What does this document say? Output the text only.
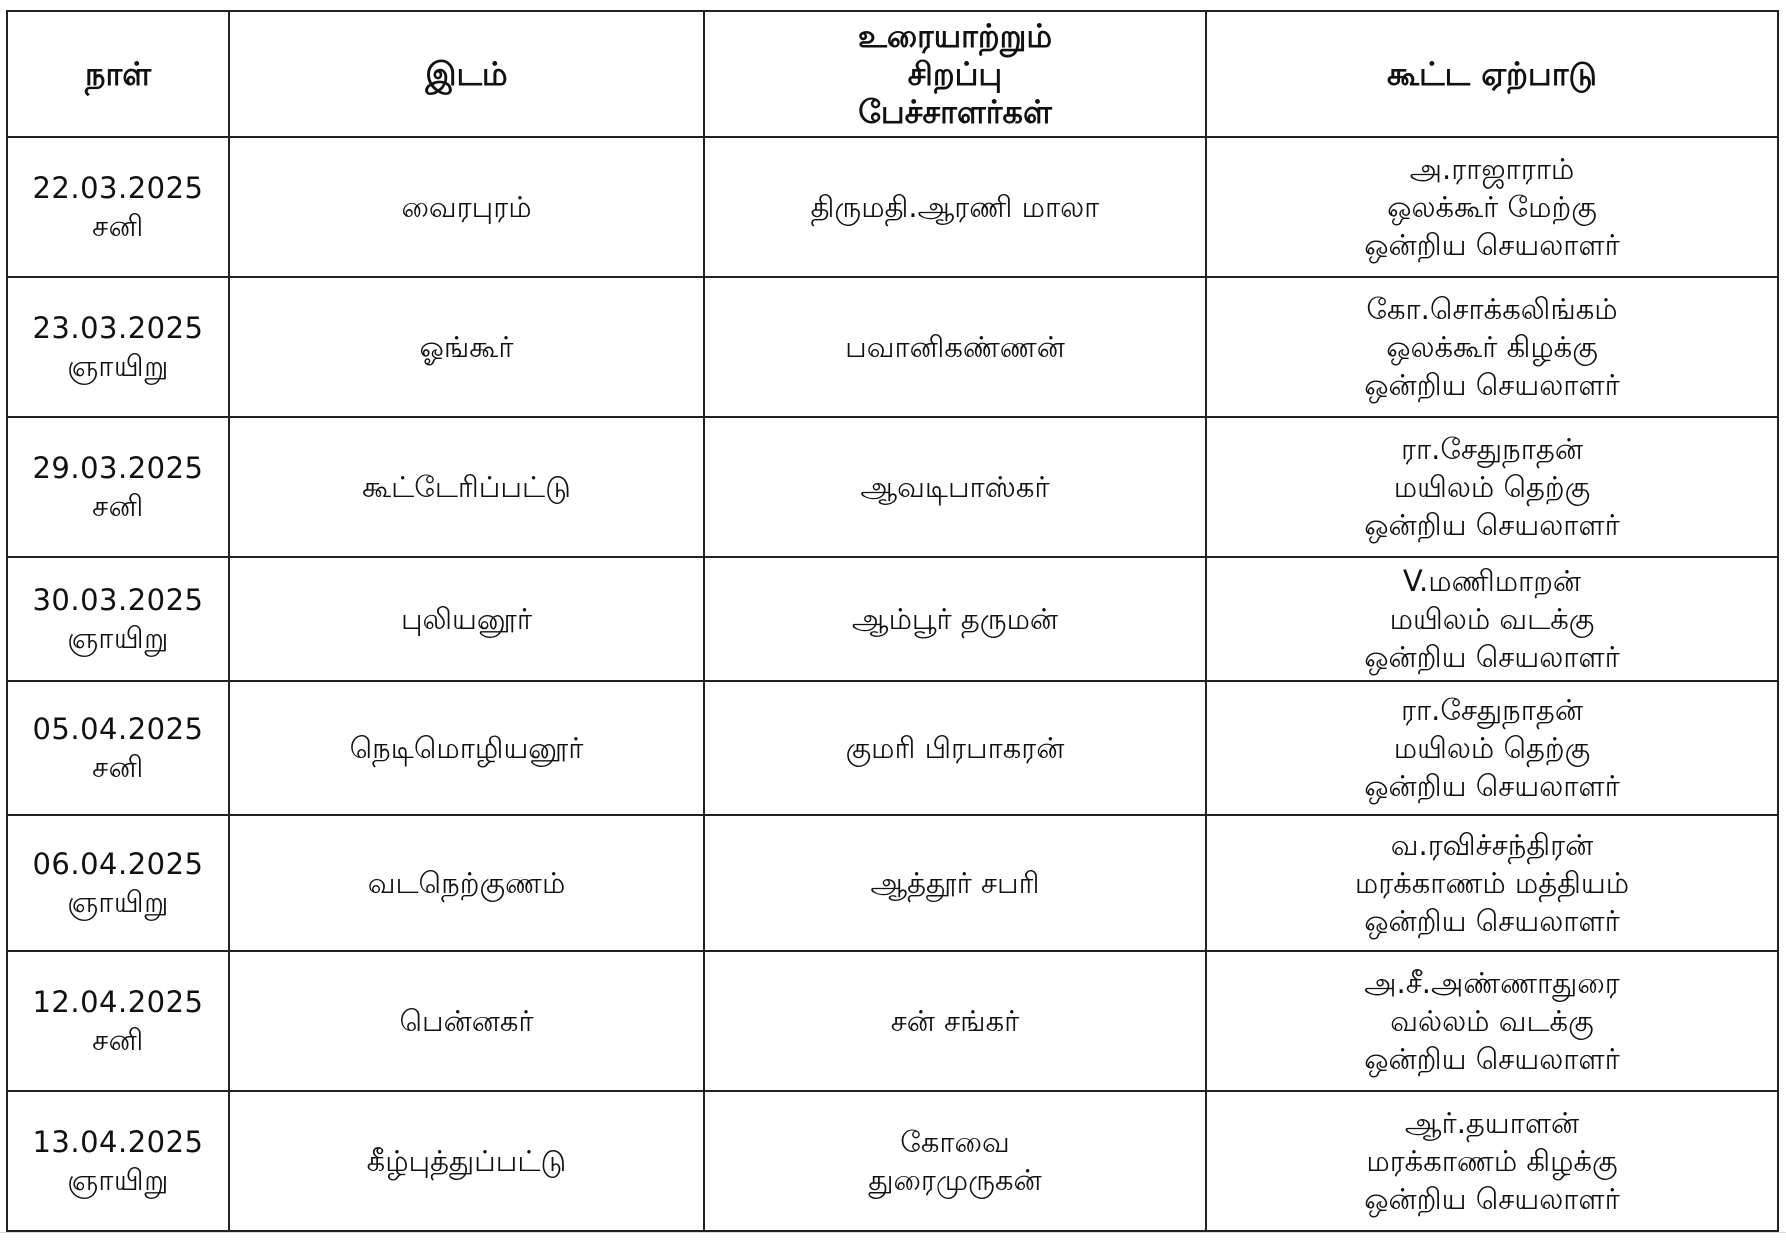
நாள்	இடம்	உரையாற்றும்
சிறப்பு
பேச்சாளர்கள்	கூட்ட ஏற்பாடு

22.03.2025
சனி	வைரபுரம்	திருமதி.ஆரணி மாலா	அ.ராஜாராம்
ஒலக்கூர் மேற்கு
ஒன்றிய செயலாளர்

23.03.2025
ஞாயிறு	ஓங்கூர்	பவானிகண்ணன்	கோ.சொக்கலிங்கம்
ஒலக்கூர் கிழக்கு
ஒன்றிய செயலாளர்

29.03.2025
சனி	கூட்டேரிப்பட்டு	ஆவடிபாஸ்கர்	ரா.சேதுநாதன்
மயிலம் தெற்கு
ஒன்றிய செயலாளர்

30.03.2025
ஞாயிறு	புலியனூர்	ஆம்பூர் தருமன்	V.மணிமாறன்
மயிலம் வடக்கு
ஒன்றிய செயலாளர்

05.04.2025
சனி	நெடிமொழியனூர்	குமரி பிரபாகரன்	ரா.சேதுநாதன்
மயிலம் தெற்கு
ஒன்றிய செயலாளர்

06.04.2025
ஞாயிறு	வடநெற்குணம்	ஆத்தூர் சபரி	வ.ரவிச்சந்திரன்
மரக்காணம் மத்தியம்
ஒன்றிய செயலாளர்

12.04.2025
சனி	பென்னகர்	சன் சங்கர்	அ.சீ.அண்ணாதுரை
வல்லம் வடக்கு
ஒன்றிய செயலாளர்

13.04.2025
ஞாயிறு	கீழ்புத்துப்பட்டு	கோவை
துரைமுருகன்	ஆர்.தயாளன்
மரக்காணம் கிழக்கு
ஒன்றிய செயலாளர்
